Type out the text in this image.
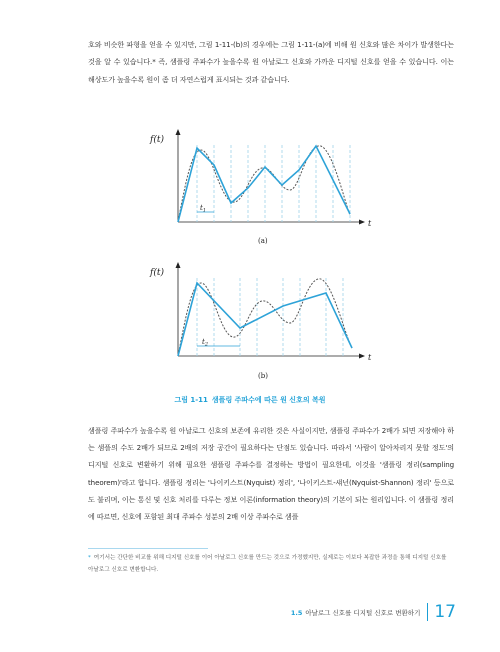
호와 비슷한 파형을 얻을 수 있지만, 그림 1-11-(b)의 경우에는 그림 1-11-(a)에 비해 원 신호와 많은 차이가 발생한다는 것을 알 수 있습니다.* 즉, 샘플링 주파수가 높을수록 원 아날로그 신호와 가까운 디지털 신호를 얻을 수 있습니다. 이는 해상도가 높을수록 원이 좀 더 자연스럽게 표시되는 것과 같습니다.

f(t)
t
$t_1$
(a)
f(t)
t
$t_2$
(b)
그림 1-11 샘플링 주파수에 따른 원 신호의 복원

샘플링 주파수가 높을수록 원 아날로그 신호의 보존에 유리한 것은 사실이지만, 샘플링 주파수가 2배가 되면 저장해야 하는 샘플의 수도 2배가 되므로 2배의 저장 공간이 필요하다는 단점도 있습니다. 따라서 '사람이 알아차리지 못할 정도'의 디지털 신호로 변환하기 위해 필요한 샘플링 주파수를 결정하는 방법이 필요한데, 이것을 '샘플링 정리(sampling theorem)'라고 합니다. 샘플링 정리는 '나이키스트(Nyquist) 정리', '나이키스트-섀넌(Nyquist-Shannon) 정리' 등으로도 불리며, 이는 통신 및 신호 처리를 다루는 정보 이론(information theory)의 기본이 되는 원리입니다. 이 샘플링 정리에 따르면, 신호에 포함된 최대 주파수 성분의 2배 이상 주파수로 샘플

* 여기서는 간단한 비교를 위해 디지털 신호를 이어 아날로그 신호를 만드는 것으로 가정했지만, 실제로는 이보다 복잡한 과정을 통해 디지털 신호를 아날로그 신호로 변환합니다.

1.5 아날로그 신호를 디지털 신호로 변환하기 17
